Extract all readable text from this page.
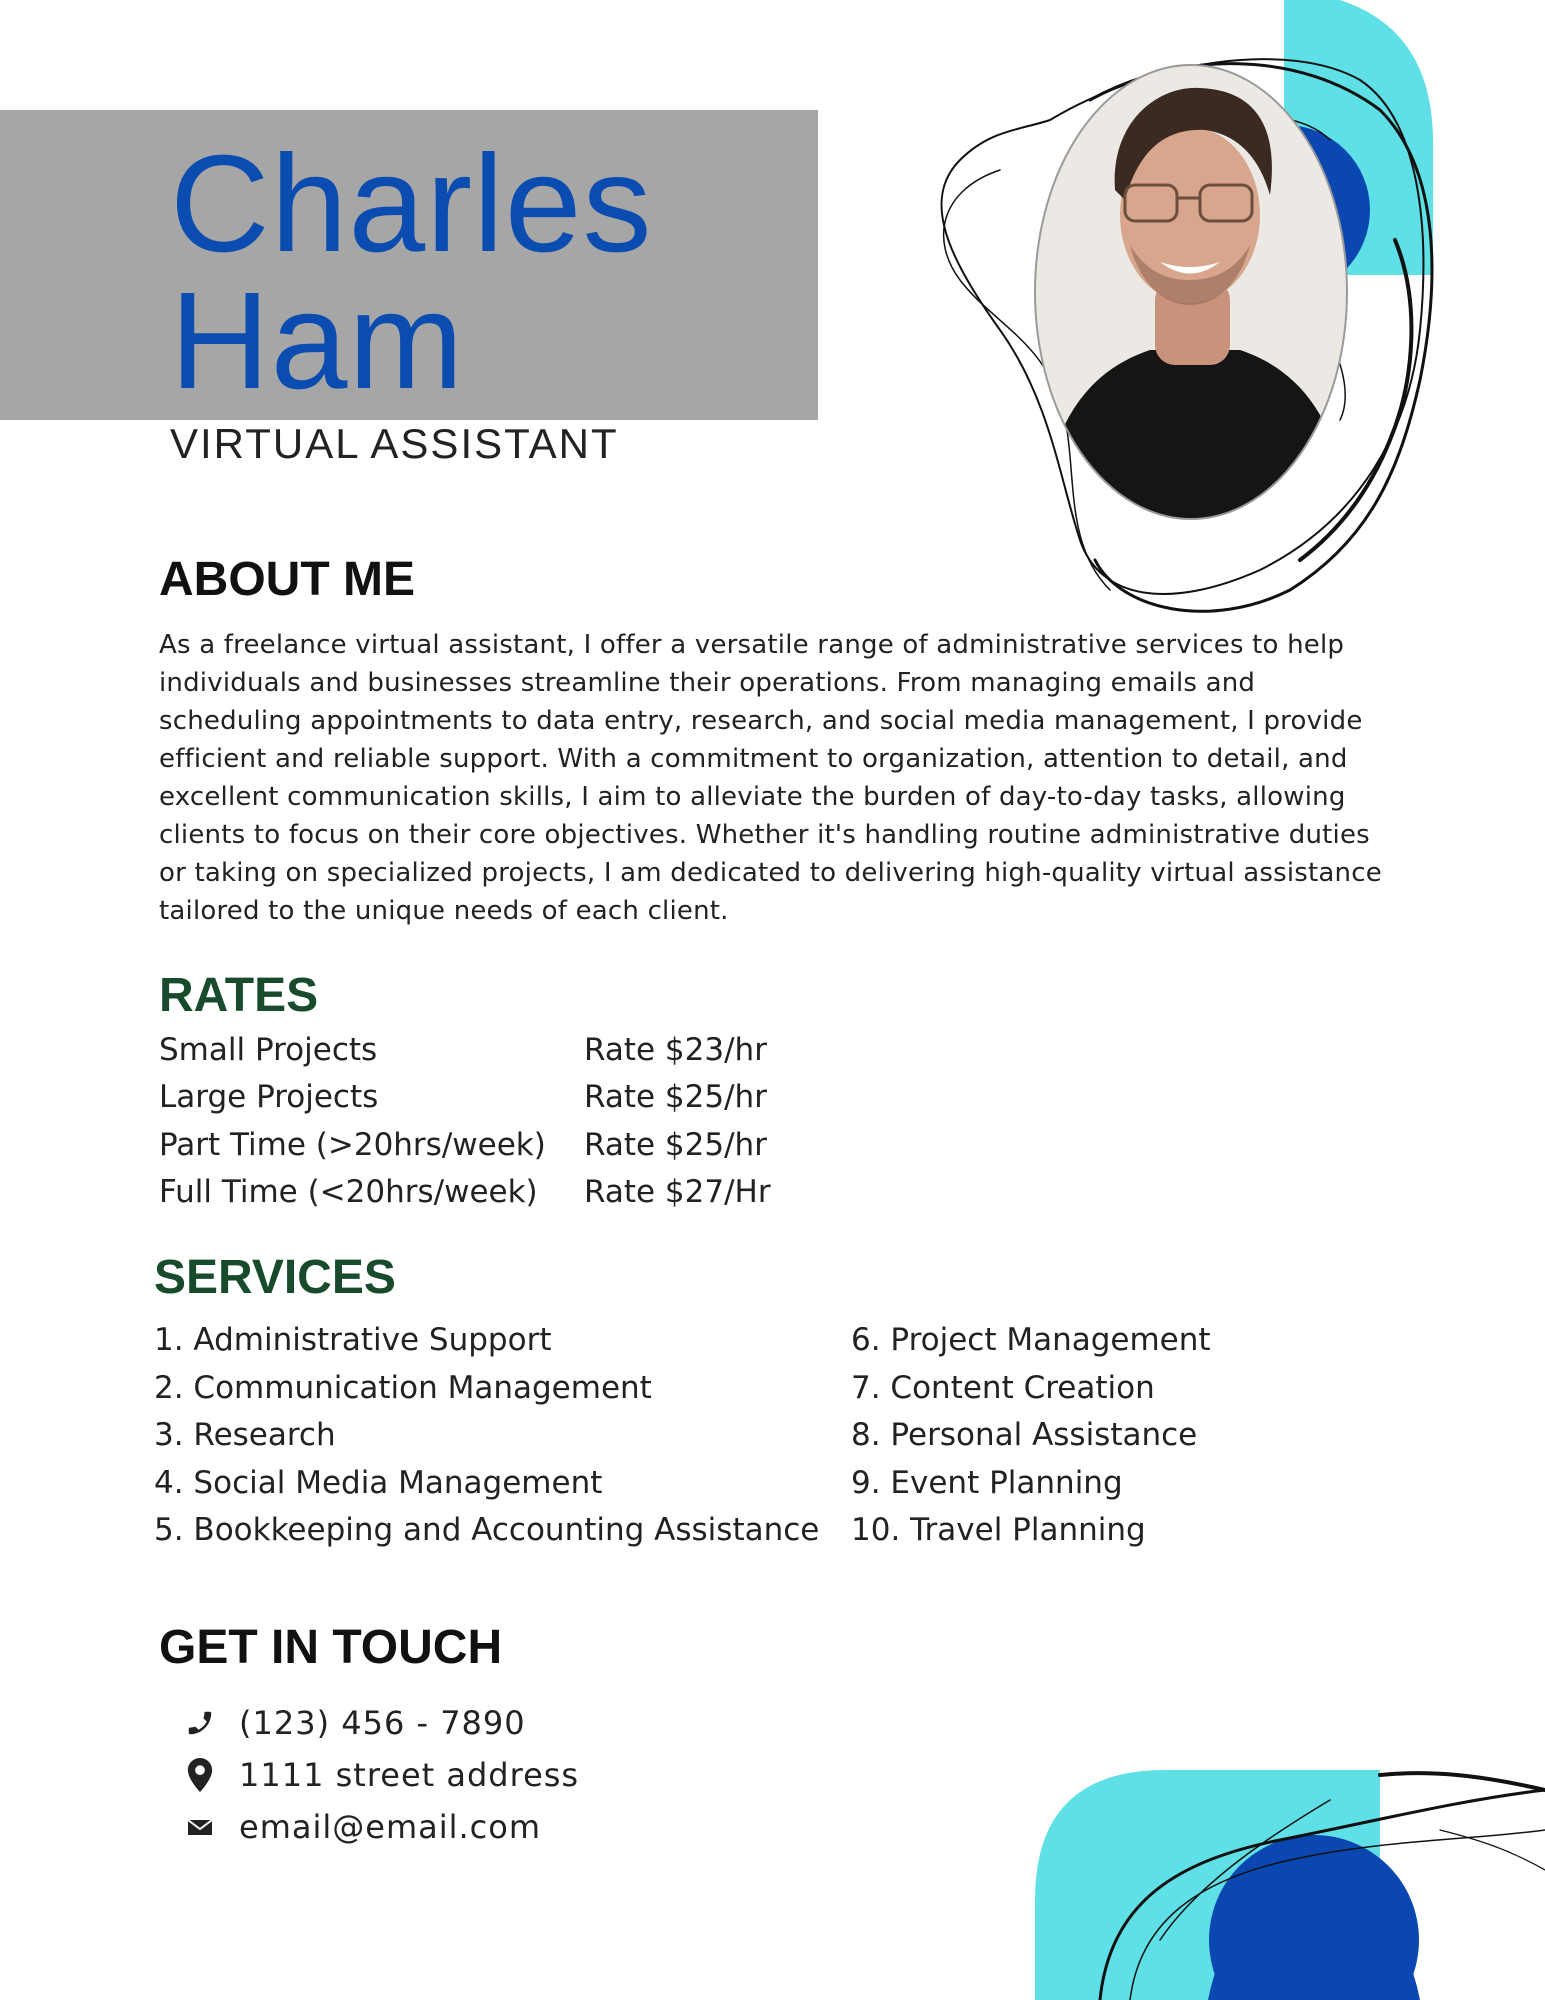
Charles
Ham
VIRTUAL ASSISTANT
ABOUT ME

As a freelance virtual assistant, I offer a versatile range of administrative services to help individuals and businesses streamline their operations. From managing emails and scheduling appointments to data entry, research, and social media management, I provide efficient and reliable support. With a commitment to organization, attention to detail, and excellent communication skills, I aim to alleviate the burden of day-to-day tasks, allowing clients to focus on their core objectives. Whether it's handling routine administrative duties or taking on specialized projects, I am dedicated to delivering high-quality virtual assistance tailored to the unique needs of each client.

RATES
Small Projects	Rate $23/hr
Large Projects	Rate $25/hr
Part Time (>20hrs/week)	Rate $25/hr
Full Time (<20hrs/week)	Rate $27/Hr
SERVICES
1. Administrative Support
2. Communication Management
3. Research
4. Social Media Management
5. Bookkeeping and Accounting Assistance
6. Project Management
7. Content Creation
8. Personal Assistance
9. Event Planning
10. Travel Planning
GET IN TOUCH
(123) 456 - 7890
1111 street address
email@email.com
